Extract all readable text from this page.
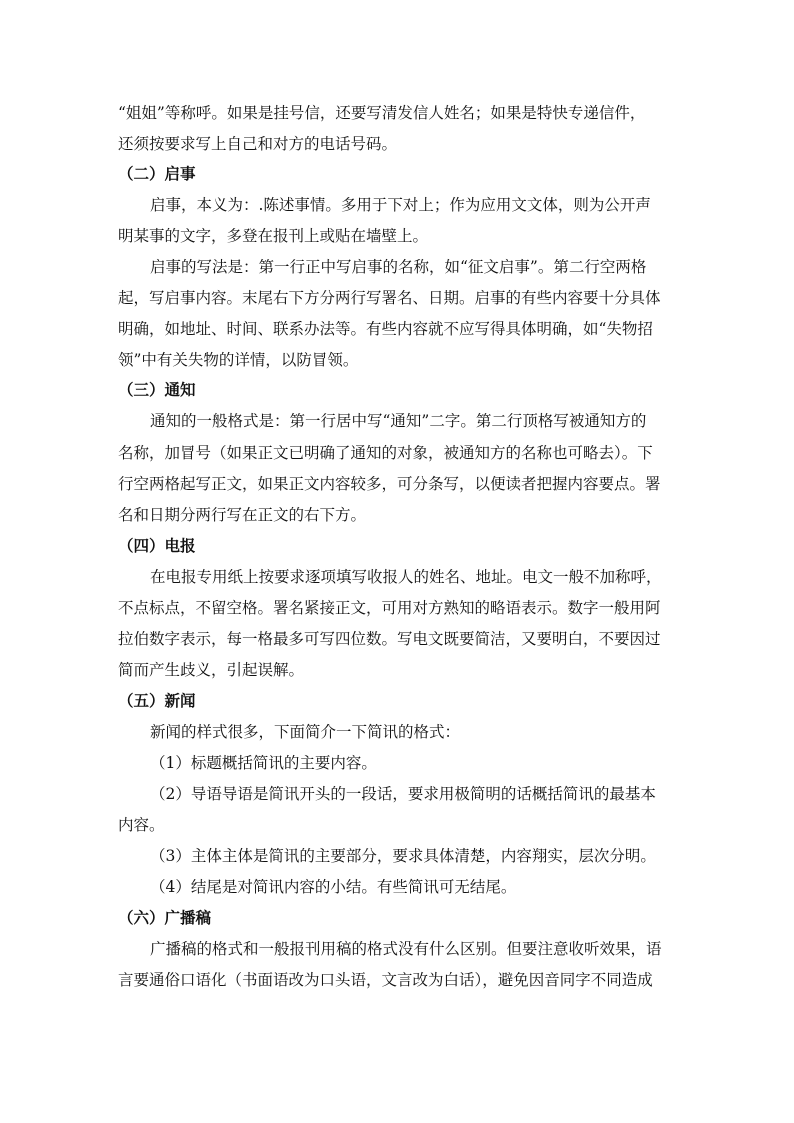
“姐姐”等称呼。如果是挂号信，还要写清发信人姓名；如果是特快专递信件，
还须按要求写上自己和对方的电话号码。
（二）启事
启事，本义为：.陈述事情。多用于下对上；作为应用文文体，则为公开声
明某事的文字，多登在报刊上或贴在墙壁上。
启事的写法是：第一行正中写启事的名称，如“征文启事”。第二行空两格
起，写启事内容。末尾右下方分两行写署名、日期。启事的有些内容要十分具体
明确，如地址、时间、联系办法等。有些内容就不应写得具体明确，如“失物招
领”中有关失物的详情，以防冒领。
（三）通知
通知的一般格式是：第一行居中写“通知”二字。第二行顶格写被通知方的
名称，加冒号（如果正文已明确了通知的对象，被通知方的名称也可略去）。下
行空两格起写正文，如果正文内容较多，可分条写，以便读者把握内容要点。署
名和日期分两行写在正文的右下方。
（四）电报
在电报专用纸上按要求逐项填写收报人的姓名、地址。电文一般不加称呼，
不点标点，不留空格。署名紧接正文，可用对方熟知的略语表示。数字一般用阿
拉伯数字表示，每一格最多可写四位数。写电文既要简洁，又要明白，不要因过
简而产生歧义，引起误解。
（五）新闻
新闻的样式很多，下面简介一下简讯的格式：
（1）标题概括简讯的主要内容。
（2）导语导语是简讯开头的一段话，要求用极简明的话概括简讯的最基本
内容。
（3）主体主体是简讯的主要部分，要求具体清楚，内容翔实，层次分明。
（4）结尾是对简讯内容的小结。有些简讯可无结尾。
（六）广播稿
广播稿的格式和一般报刊用稿的格式没有什么区别。但要注意收听效果，语
言要通俗口语化（书面语改为口头语，文言改为白话），避免因音同字不同造成
